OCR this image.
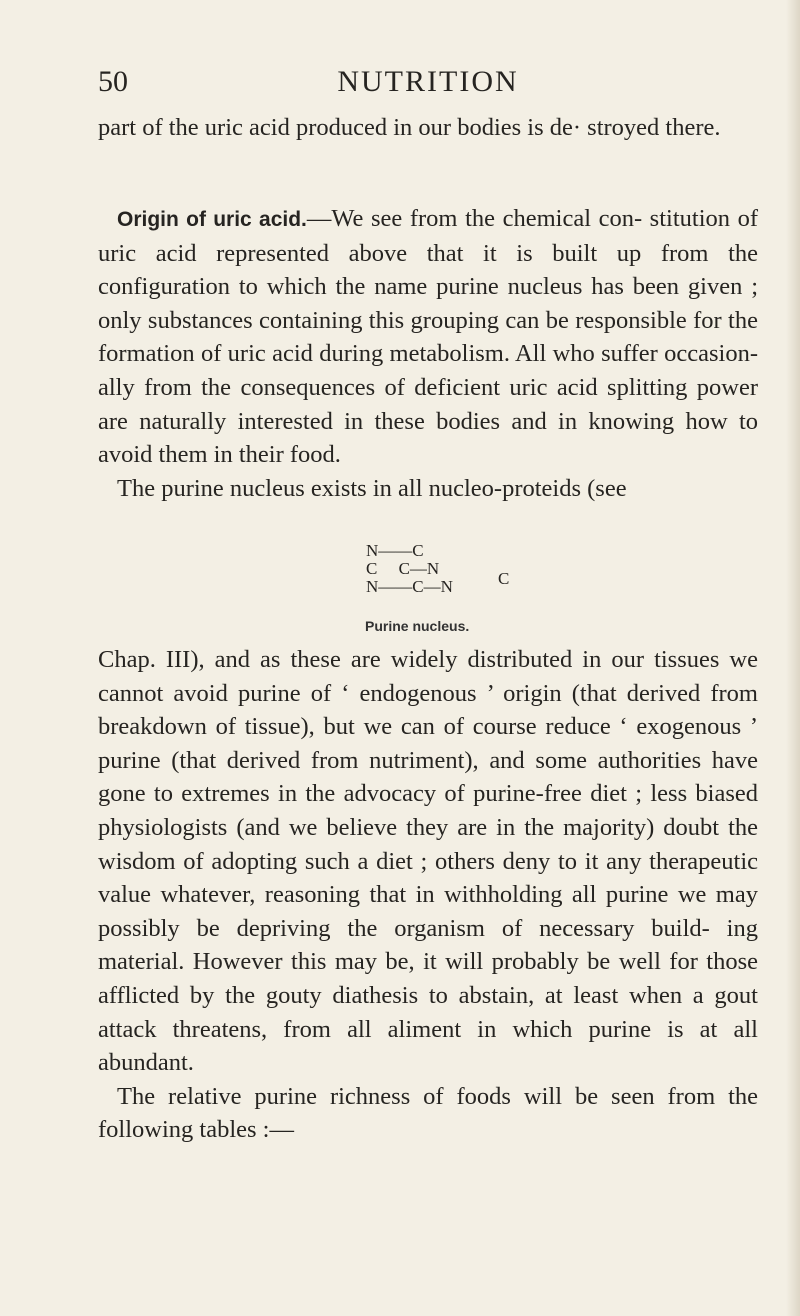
50	NUTRITION

part of the uric acid produced in our bodies is de· stroyed there.

Origin of uric acid.—We see from the chemical con- stitution of uric acid represented above that it is built up from the configuration to which the name purine nucleus has been given ; only substances containing this grouping can be responsible for the formation of uric acid during metabolism. All who suffer occasion- ally from the consequences of deficient uric acid splitting power are naturally interested in these bodies and in knowing how to avoid them in their food.

The purine nucleus exists in all nucleo-proteids (see

N——C
C     C—N
N——C—N	C
Purine nucleus.

Chap. III), and as these are widely distributed in our tissues we cannot avoid purine of ‘ endogenous ’ origin (that derived from breakdown of tissue), but we can of course reduce ‘ exogenous ’ purine (that derived from nutriment), and some authorities have gone to extremes in the advocacy of purine-free diet ; less biased physiologists (and we believe they are in the majority) doubt the wisdom of adopting such a diet ; others deny to it any therapeutic value whatever, reasoning that in withholding all purine we may possibly be depriving the organism of necessary build- ing material. However this may be, it will probably be well for those afflicted by the gouty diathesis to abstain, at least when a gout attack threatens, from all aliment in which purine is at all abundant.

The relative purine richness of foods will be seen from the following tables :—
